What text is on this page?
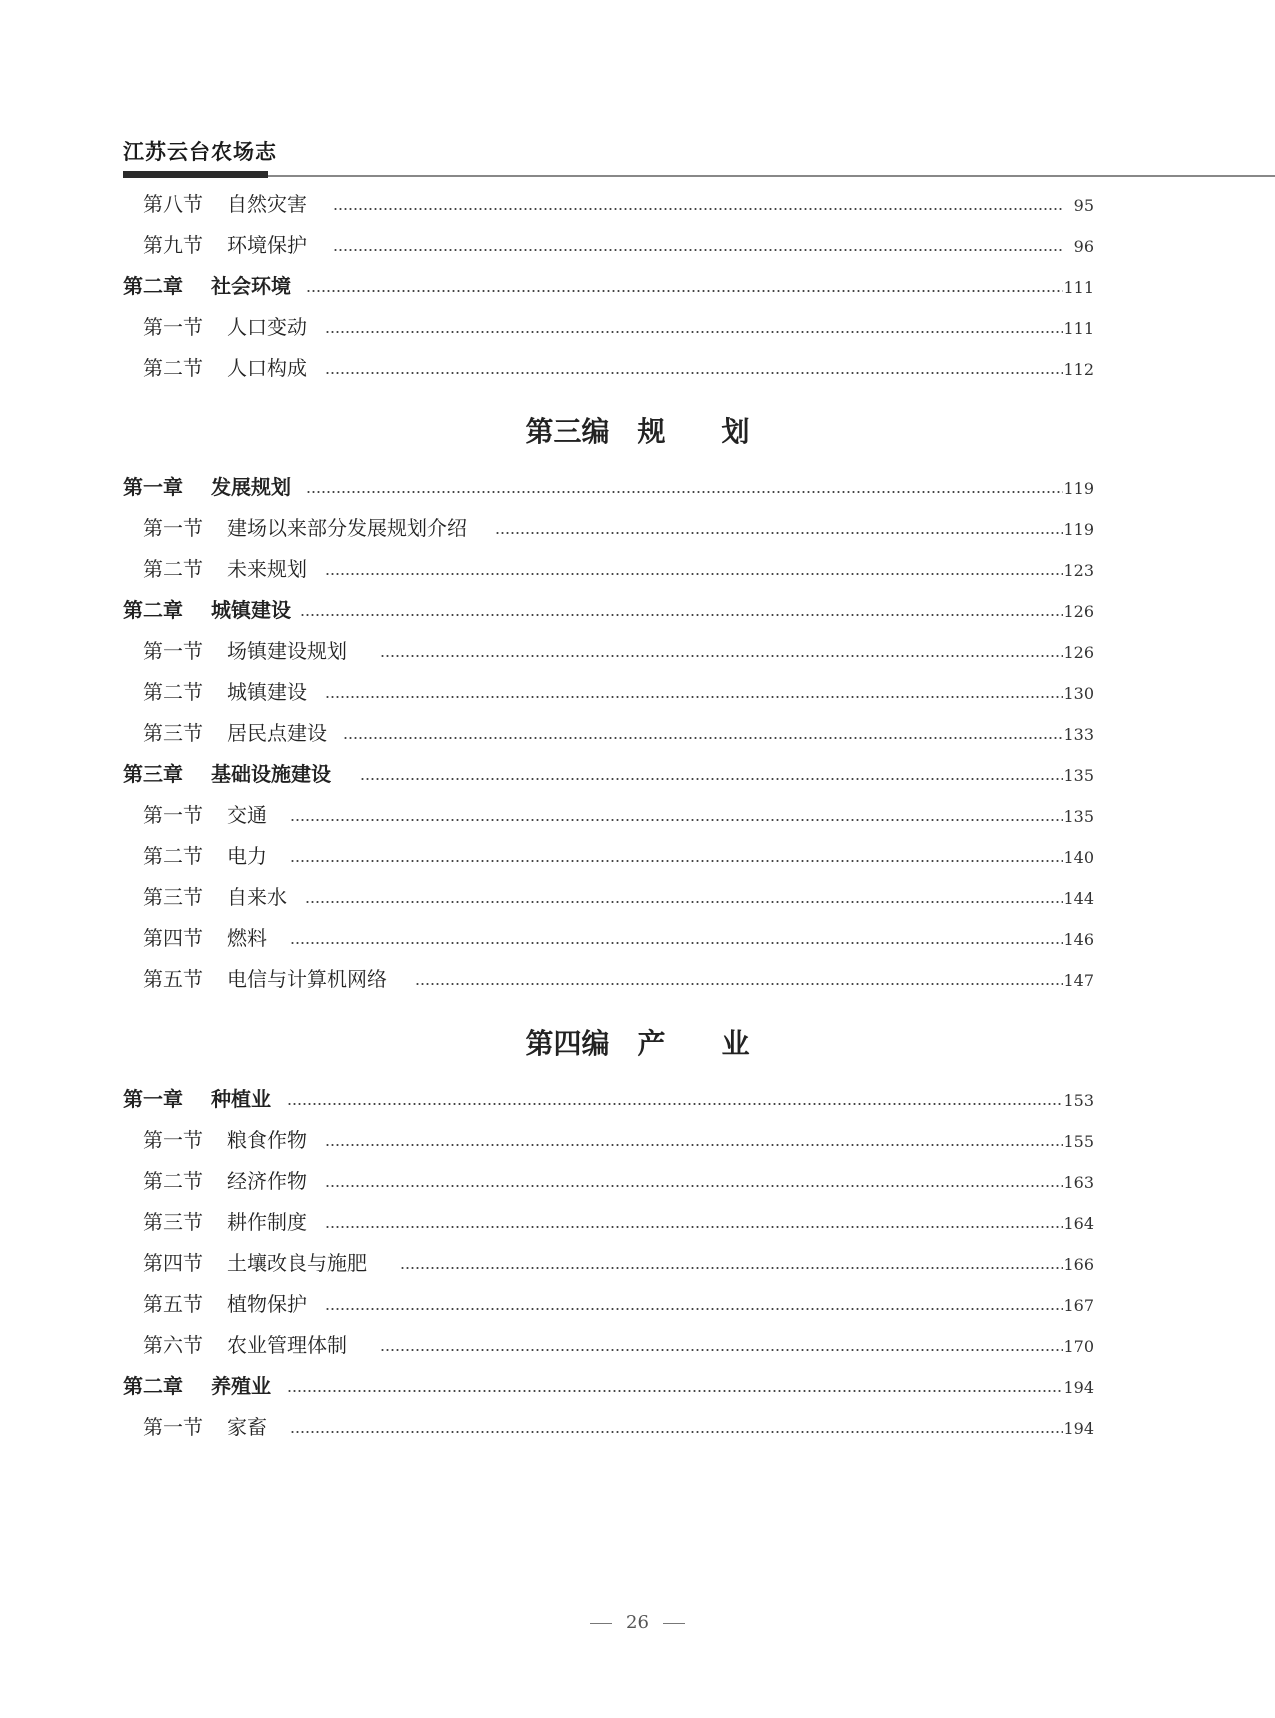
江苏云台农场志
第八节 自然灾害	95
第九节 环境保护	96
第二章 社会环境	111
第一节 人口变动	111
第二节 人口构成	112
第三编 规　　划
第一章 发展规划	119
第一节 建场以来部分发展规划介绍	119
第二节 未来规划	123
第二章 城镇建设	126
第一节 场镇建设规划	126
第二节 城镇建设	130
第三节 居民点建设	133
第三章 基础设施建设	135
第一节 交通	135
第二节 电力	140
第三节 自来水	144
第四节 燃料	146
第五节 电信与计算机网络	147
第四编 产　　业
第一章 种植业	153
第一节 粮食作物	155
第二节 经济作物	163
第三节 耕作制度	164
第四节 土壤改良与施肥	166
第五节 植物保护	167
第六节 农业管理体制	170
第二章 养殖业	194
第一节 家畜	194
26
